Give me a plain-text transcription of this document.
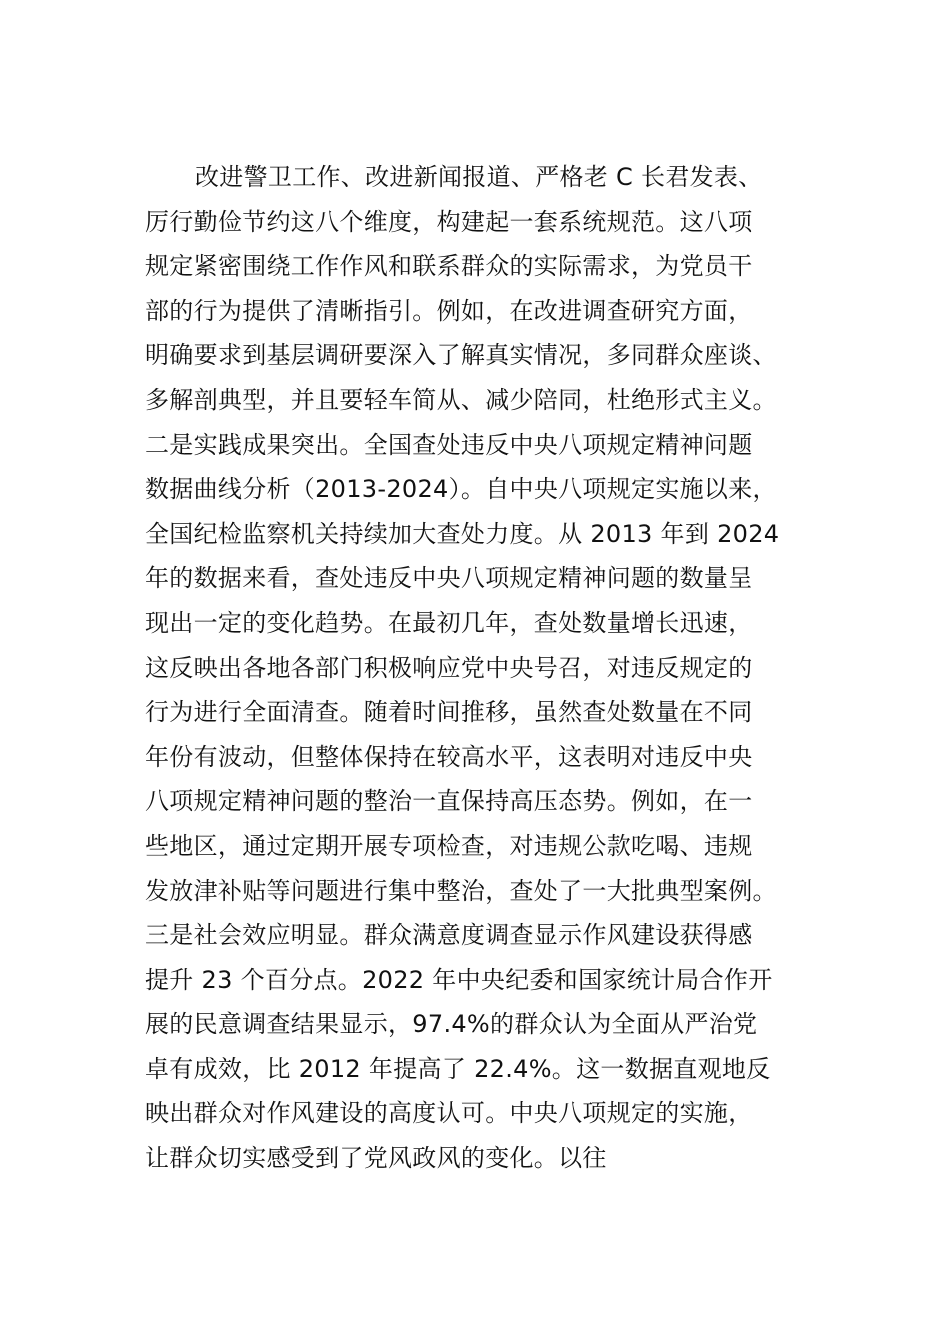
改进警卫工作、改进新闻报道、严格老 C 长君发表、
厉行勤俭节约这八个维度，构建起一套系统规范。这八项
规定紧密围绕工作作风和联系群众的实际需求，为党员干
部的行为提供了清晰指引。例如，在改进调查研究方面，
明确要求到基层调研要深入了解真实情况，多同群众座谈、
多解剖典型，并且要轻车简从、减少陪同，杜绝形式主义。
二是实践成果突出。全国查处违反中央八项规定精神问题
数据曲线分析（2013-2024）。自中央八项规定实施以来，
全国纪检监察机关持续加大查处力度。从 2013 年到 2024
年的数据来看，查处违反中央八项规定精神问题的数量呈
现出一定的变化趋势。在最初几年，查处数量增长迅速，
这反映出各地各部门积极响应党中央号召，对违反规定的
行为进行全面清查。随着时间推移，虽然查处数量在不同
年份有波动，但整体保持在较高水平，这表明对违反中央
八项规定精神问题的整治一直保持高压态势。例如，在一
些地区，通过定期开展专项检查，对违规公款吃喝、违规
发放津补贴等问题进行集中整治，查处了一大批典型案例。
三是社会效应明显。群众满意度调查显示作风建设获得感
提升 23 个百分点。2022 年中央纪委和国家统计局合作开
展的民意调查结果显示，97.4%的群众认为全面从严治党
卓有成效，比 2012 年提高了 22.4%。这一数据直观地反
映出群众对作风建设的高度认可。中央八项规定的实施，
让群众切实感受到了党风政风的变化。以往
